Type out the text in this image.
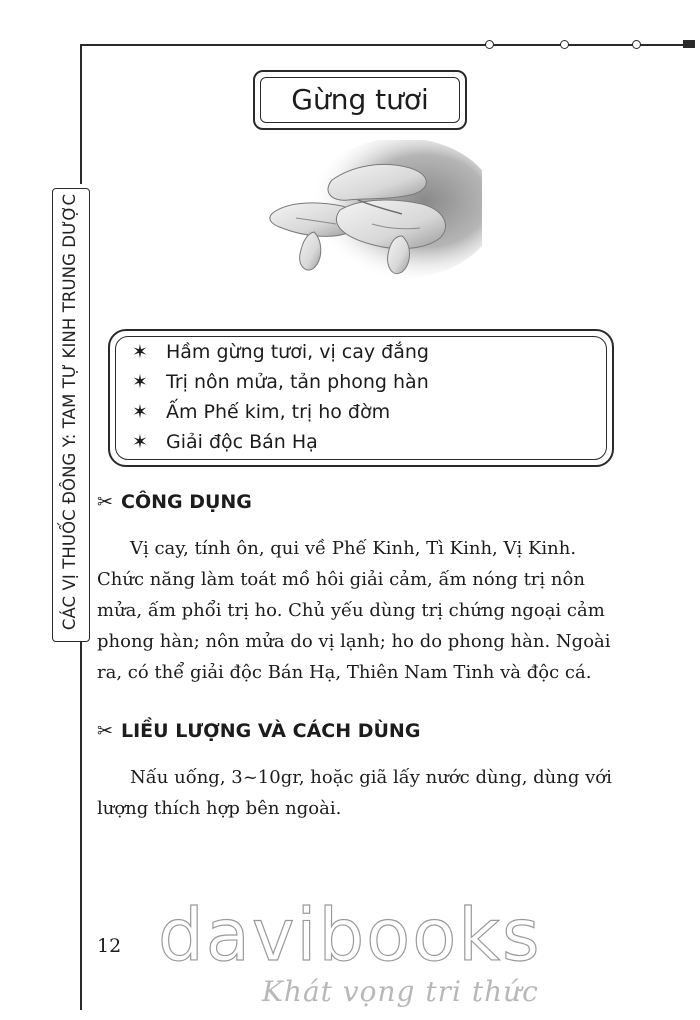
CÁC VỊ THUỐC ĐÔNG Y: TAM TỰ KINH TRUNG DƯỢC
Gừng tươi
✶ Hầm gừng tươi, vị cay đắng
✶ Trị nôn mửa, tản phong hàn
✶ Ấm Phế kim, trị ho đờm
✶ Giải độc Bán Hạ
✂ CÔNG DỤNG
Vị cay, tính ôn, qui về Phế Kinh, Tì Kinh, Vị Kinh.
Chức năng làm toát mồ hôi giải cảm, ấm nóng trị nôn
mửa, ấm phổi trị ho. Chủ yếu dùng trị chứng ngoại cảm
phong hàn; nôn mửa do vị lạnh; ho do phong hàn. Ngoài
ra, có thể giải độc Bán Hạ, Thiên Nam Tinh và độc cá.
✂ LIỀU LƯỢNG VÀ CÁCH DÙNG
Nấu uống, 3~10gr, hoặc giã lấy nước dùng, dùng với
lượng thích hợp bên ngoài.
12 davibooks
Khát vọng tri thức
